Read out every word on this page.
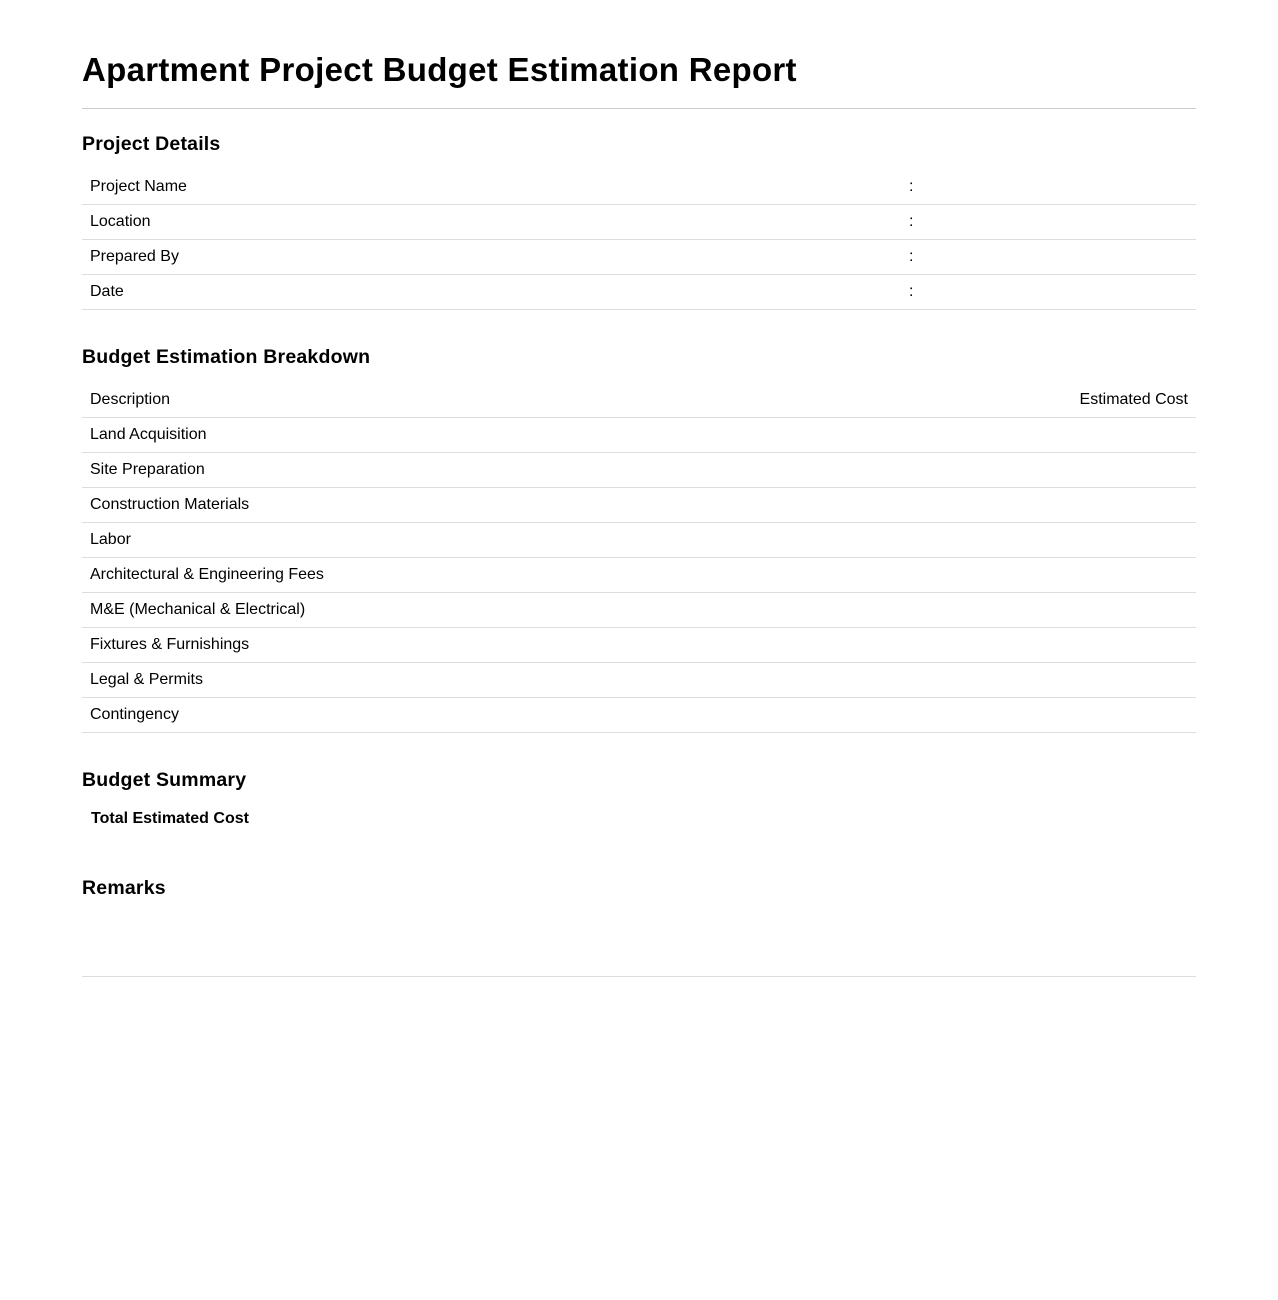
Apartment Project Budget Estimation Report
Project Details
Project Name	:
Location	:
Prepared By	:
Date	:
Budget Estimation Breakdown
Description	Estimated Cost
Land Acquisition	
Site Preparation	
Construction Materials	
Labor	
Architectural & Engineering Fees	
M&E (Mechanical & Electrical)	
Fixtures & Furnishings	
Legal & Permits	
Contingency	
Budget Summary
Total Estimated Cost	
Remarks
